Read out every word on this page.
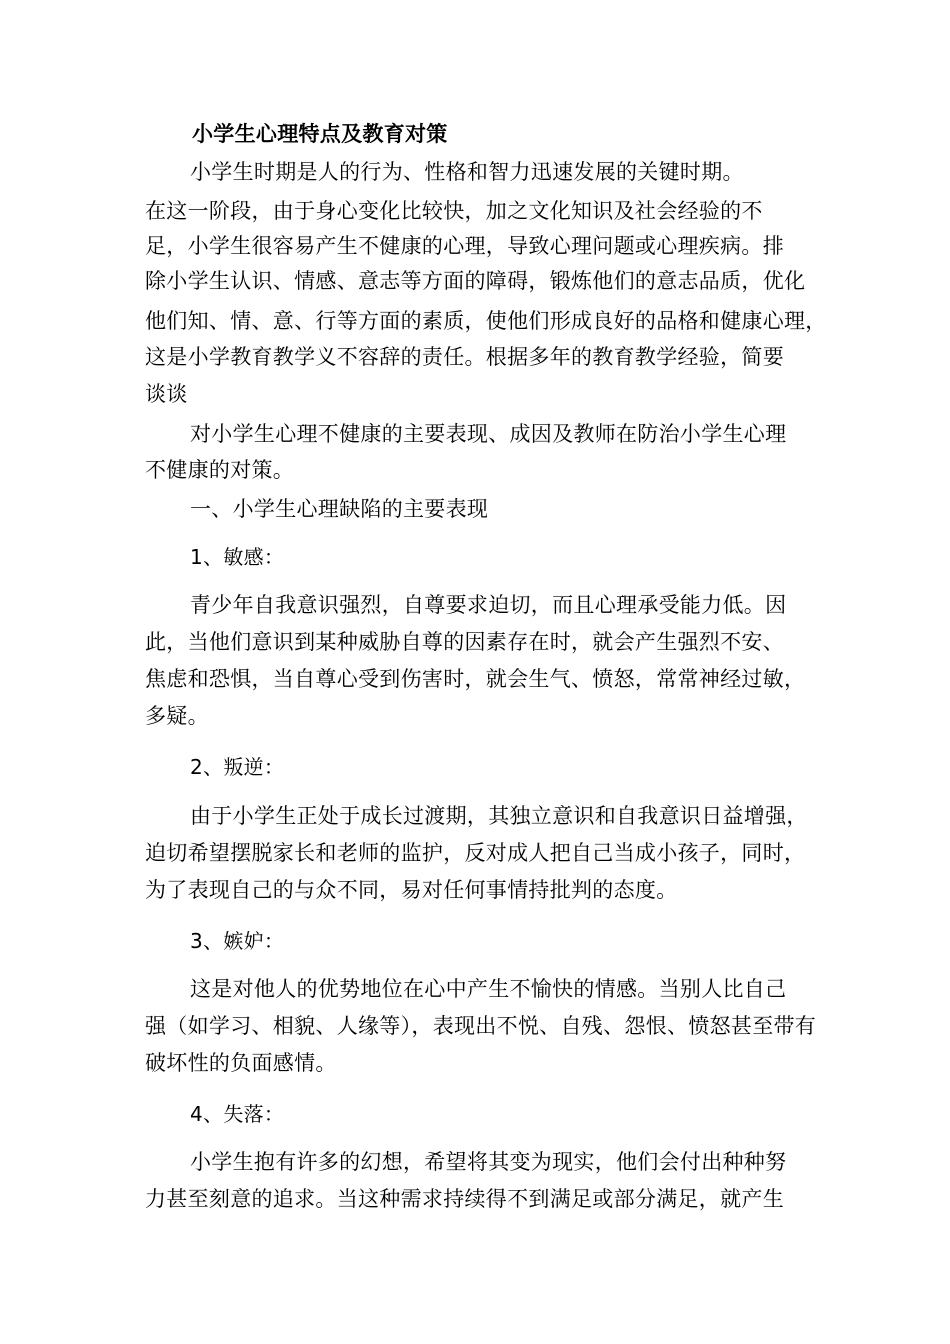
小学生心理特点及教育对策
小学生时期是人的行为、性格和智力迅速发展的关键时期。
在这一阶段，由于身心变化比较快，加之文化知识及社会经验的不
足，小学生很容易产生不健康的心理，导致心理问题或心理疾病。排
除小学生认识、情感、意志等方面的障碍，锻炼他们的意志品质，优化
他们知、情、意、行等方面的素质，使他们形成良好的品格和健康心理，
这是小学教育教学义不容辞的责任。根据多年的教育教学经验，简要
谈谈
对小学生心理不健康的主要表现、成因及教师在防治小学生心理
不健康的对策。
一、小学生心理缺陷的主要表现
1、敏感：
青少年自我意识强烈，自尊要求迫切，而且心理承受能力低。因
此，当他们意识到某种威胁自尊的因素存在时，就会产生强烈不安、
焦虑和恐惧，当自尊心受到伤害时，就会生气、愤怒，常常神经过敏，
多疑。
2、叛逆：
由于小学生正处于成长过渡期，其独立意识和自我意识日益增强，
迫切希望摆脱家长和老师的监护，反对成人把自己当成小孩子，同时，
为了表现自己的与众不同，易对任何事情持批判的态度。
3、嫉妒：
这是对他人的优势地位在心中产生不愉快的情感。当别人比自己
强（如学习、相貌、人缘等），表现出不悦、自残、怨恨、愤怒甚至带有
破坏性的负面感情。
4、失落：
小学生抱有许多的幻想，希望将其变为现实，他们会付出种种努
力甚至刻意的追求。当这种需求持续得不到满足或部分满足，就产生
